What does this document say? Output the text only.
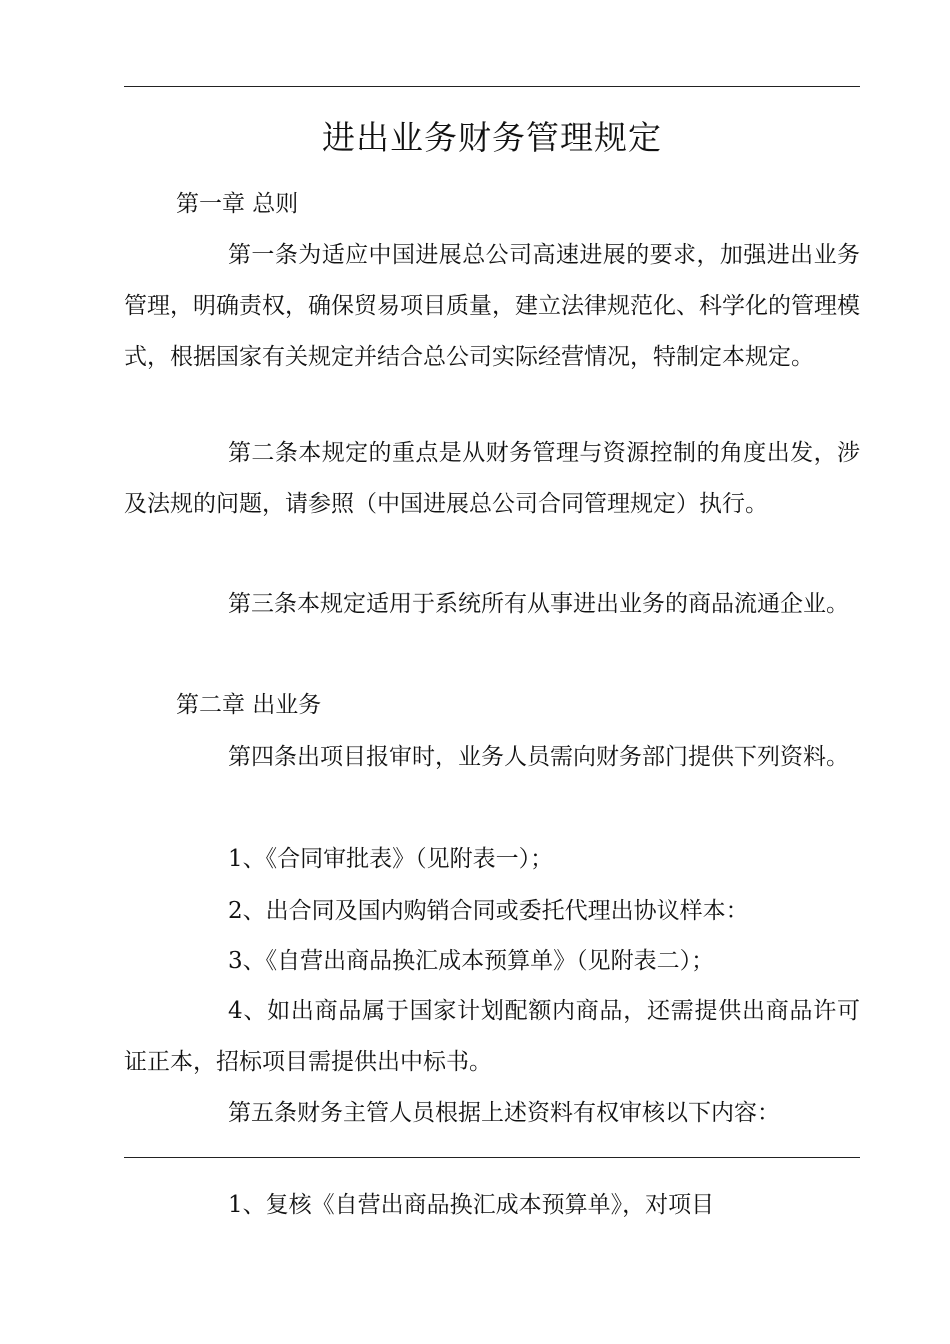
进出业务财务管理规定

第一章 总则

第一条为适应中国进展总公司高速进展的要求，加强进出业务管理，明确责权，确保贸易项目质量，建立法律规范化、科学化的管理模式，根据国家有关规定并结合总公司实际经营情况，特制定本规定。

第二条本规定的重点是从财务管理与资源控制的角度出发，涉及法规的问题，请参照（中国进展总公司合同管理规定）执行。

第三条本规定适用于系统所有从事进出业务的商品流通企业。

第二章 出业务

第四条出项目报审时，业务人员需向财务部门提供下列资料。

1、《合同审批表》（见附表一）；

2、出合同及国内购销合同或委托代理出协议样本：

3、《自营出商品换汇成本预算单》（见附表二）；

4、如出商品属于国家计划配额内商品，还需提供出商品许可证正本，招标项目需提供出中标书。

第五条财务主管人员根据上述资料有权审核以下内容：

1、复核《自营出商品换汇成本预算单》，对项目
